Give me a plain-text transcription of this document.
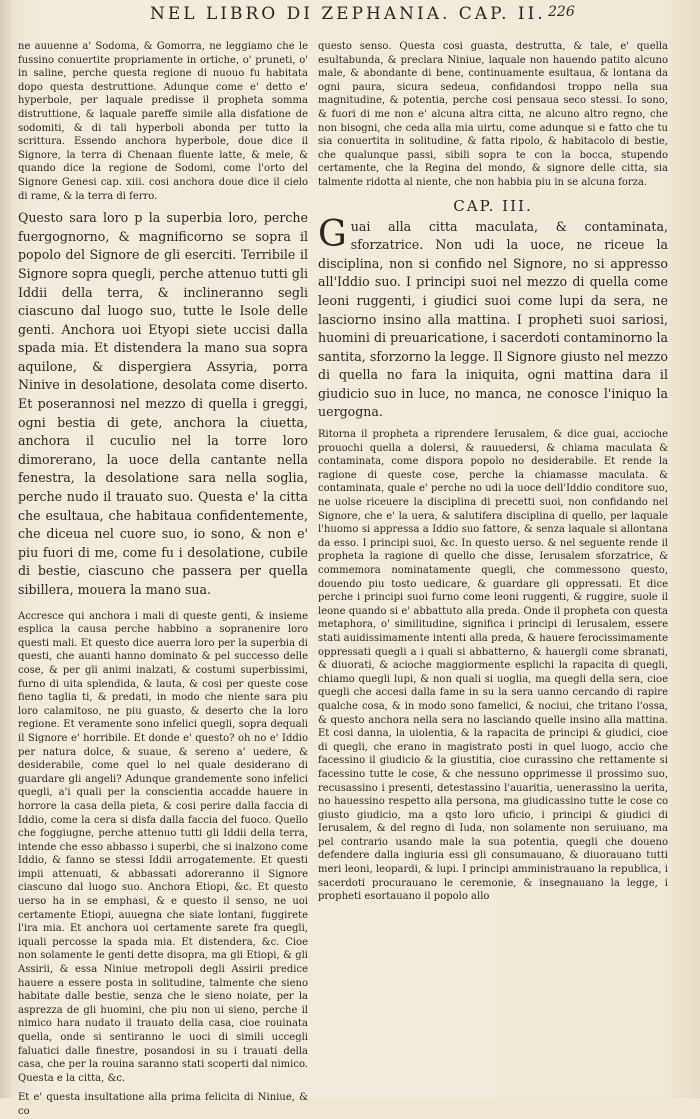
NEL LIBRO DI ZEPHANIA. CAP. II. 226

ne auuenne a' Sodoma, & Gomorra, ne leggiamo che le fussino conuertite propriamente in ortiche, o' pruneti, o' in saline, perche questa regione di nuouo fu habitata dopo questa destruttione. Adunque come e' detto e' hyperbole, per laquale predisse il propheta somma distruttione, & laquale pareffe simile alla disfatione de sodomiti, & di tali hyperboli abonda per tutto la scrittura. Essendo anchora hyperbole, doue dice il Signore, la terra di Chenaan fluente latte, & mele, & quando dice la regione de Sodomi, come l'orto del Signore Genesi cap. xiii. cosi anchora doue dice il cielo di rame, & la terra di ferro.

Questo sara loro p la superbia loro, perche fuergognorno, & magnificorno se sopra il popolo del Signore de gli eserciti. Terribile il Signore sopra quegli, perche attenuo tutti gli Iddii della terra, & inclineranno segli ciascuno dal luogo suo, tutte le Isole delle genti. Anchora uoi Etyopi siete uccisi dalla spada mia. Et distendera la mano sua sopra aquilone, & dispergiera Assyria, porra Ninive in desolatione, desolata come diserto. Et poserannosi nel mezzo di quella i greggi, ogni bestia di gete, anchora la ciuetta, anchora il cuculio nel la torre loro dimorerano, la uoce della cantante nella fenestra, la desolatione sara nella soglia, perche nudo il trauato suo. Questa e' la citta che esultaua, che habitaua confidentemente, che diceua nel cuore suo, io sono, & non e' piu fuori di me, come fu i desolatione, cubile di bestie, ciascuno che passera per quella sibillera, mouera la mano sua.

Accresce qui anchora i mali di queste genti, & insieme esplica la causa perche habbino a sopranenire loro questi mali. Et questo dice auerra loro per la superbia di questi, che auanti hanno dominato & pel successo delle cose, & per gli animi inalzati, & costumi superbissimi, furno di uita splendida, & lauta, & cosi per queste cose fieno taglia ti, & predati, in modo che niente sara piu loro calamitoso, ne piu guasto, & deserto che la loro regione. Et veramente sono infelici quegli, sopra dequali il Signore e' horribile. Et donde e' questo? oh no e' Iddio per natura dolce, & suaue, & sereno a' uedere, & desiderabile, come quel lo nel quale desiderano di guardare gli angeli? Adunque grandemente sono infelici quegli, a'i quali per la conscientia accadde hauere in horrore la casa della pieta, & cosi perire dalla faccia di Iddio, come la cera si disfa dalla faccia del fuoco. Quello che foggiugne, perche attenuo tutti gli Iddii della terra, intende che esso abbasso i superbi, che si inalzono come Iddio, & fanno se stessi Iddii arrogatemente. Et questi impii attenuati, & abbassati adoreranno il Signore ciascuno dal luogo suo. Anchora Etiopi, &c. Et questo uerso ha in se emphasi, & e questo il senso, ne uoi certamente Etiopi, auuegna che siate lontani, fuggirete l'ira mia. Et anchora uoi certamente sarete fra quegli, iquali percosse la spada mia. Et distendera, &c. Cioe non solamente le genti dette disopra, ma gli Etiopi, & gli Assirii, & essa Niniue metropoli degli Assirii predice hauere a essere posta in solitudine, talmente che sieno habitate dalle bestie, senza che le sieno noiate, per la asprezza de gli huomini, che piu non ui sieno, perche il nimico hara nudato il trauato della casa, cioe rouinata quella, onde si sentiranno le uoci di simili uccegli faluatici dalle finestre, posandosi in su i trauati della casa, che per la rouina saranno stati scoperti dal nimico. Questa e la citta, &c.

Et e' questa insultatione alla prima felicita di Niniue, & co

questo senso. Questa cosi guasta, destrutta, & tale, e' quella esultabunda, & preclara Niniue, laquale non hauendo patito alcuno male, & abondante di bene, continuamente esultaua, & lontana da ogni paura, sicura sedeua, confidandosi troppo nella sua magnitudine, & potentia, perche cosi pensaua seco stessi. Io sono, & fuori di me non e' alcuna altra citta, ne alcuno altro regno, che non bisogni, che ceda alla mia uirtu, come adunque si e fatto che tu sia conuertita in solitudine, & fatta ripolo, & habitacolo di bestie, che qualunque passi, sibili sopra te con la bocca, stupendo certamente, che la Regina del mondo, & signore delle citta, sia talmente ridotta al niente, che non habbia piu in se alcuna forza.

CAP. III.
Guai alla citta maculata, & contaminata, sforzatrice. Non udi la uoce, ne riceue la disciplina, non si confido nel Signore, no si appresso all'Iddio suo. I principi suoi nel mezzo di quella come leoni ruggenti, i giudici suoi come lupi da sera, ne lasciorno insino alla mattina. I propheti suoi sariosi, huomini di preuaricatione, i sacerdoti contaminorno la santita, sforzorno la legge. Il Signore giusto nel mezzo di quella no fara la iniquita, ogni mattina dara il giudicio suo in luce, no manca, ne conosce l'iniquo la uergogna.

Ritorna il propheta a riprendere Ierusalem, & dice guai, accioche prouochi quella a dolersi, & rauuedersi, & chiama maculata & contaminata, come dispora popolo no desiderabile. Et rende la ragione di queste cose, perche la chiamasse maculata. & contaminata, quale e' perche no udi la uoce dell'Iddio conditore suo, ne uolse riceuere la disciplina di precetti suoi, non confidando nel Signore, che e' la uera, & salutifera disciplina di quello, per laquale l'huomo si appressa a Iddio suo fattore, & senza laquale si allontana da esso. I principi suoi, &c. In questo uerso. & nel seguente rende il propheta la ragione di quello che disse, Ierusalem sforzatrice, & commemora nominatamente quegli, che commessono questo, douendo piu tosto uedicare, & guardare gli oppressati. Et dice perche i principi suoi furno come leoni ruggenti, & ruggire, suole il leone quando si e' abbattuto alla preda. Onde il propheta con questa metaphora, o' similitudine, significa i principi di Ierusalem, essere stati auidissimamente intenti alla preda, & hauere ferocissimamente oppressati quegli a i quali si abbatterno, & hauergli come sbranati, & diuorati, & acioche maggiormente esplichi la rapacita di quegli, chiamo quegli lupi, & non quali si uoglia, ma quegli della sera, cioe quegli che accesi dalla fame in su la sera uanno cercando di rapire qualche cosa, & in modo sono famelici, & nociui, che tritano l'ossa, & questo anchora nella sera no lasciando quelle insino alla mattina. Et cosi danna, la uiolentia, & la rapacita de principi & giudici, cioe di quegli, che erano in magistrato posti in quel luogo, accio che facessino il giudicio & la giustitia, cioe curassino che rettamente si facessino tutte le cose, & che nessuno opprimesse il prossimo suo, recusassino i presenti, detestassino l'auaritia, uenerassino la uerita, no hauessino respetto alla persona, ma giudicassino tutte le cose co giusto giudicio, ma a qsto loro uficio, i principi & giudici di Ierusalem, & del regno di Iuda, non solamente non seruiuano, ma pel contrario usando male la sua potentia, quegli che doueno defendere dalla ingiuria essi gli consumauano, & diuorauano tutti meri leoni, leopardi, & lupi. I principi amministrauano la republica, i sacerdoti procurauano le ceremonie, & insegnauano la legge, i propheti esortauano il popolo allo
